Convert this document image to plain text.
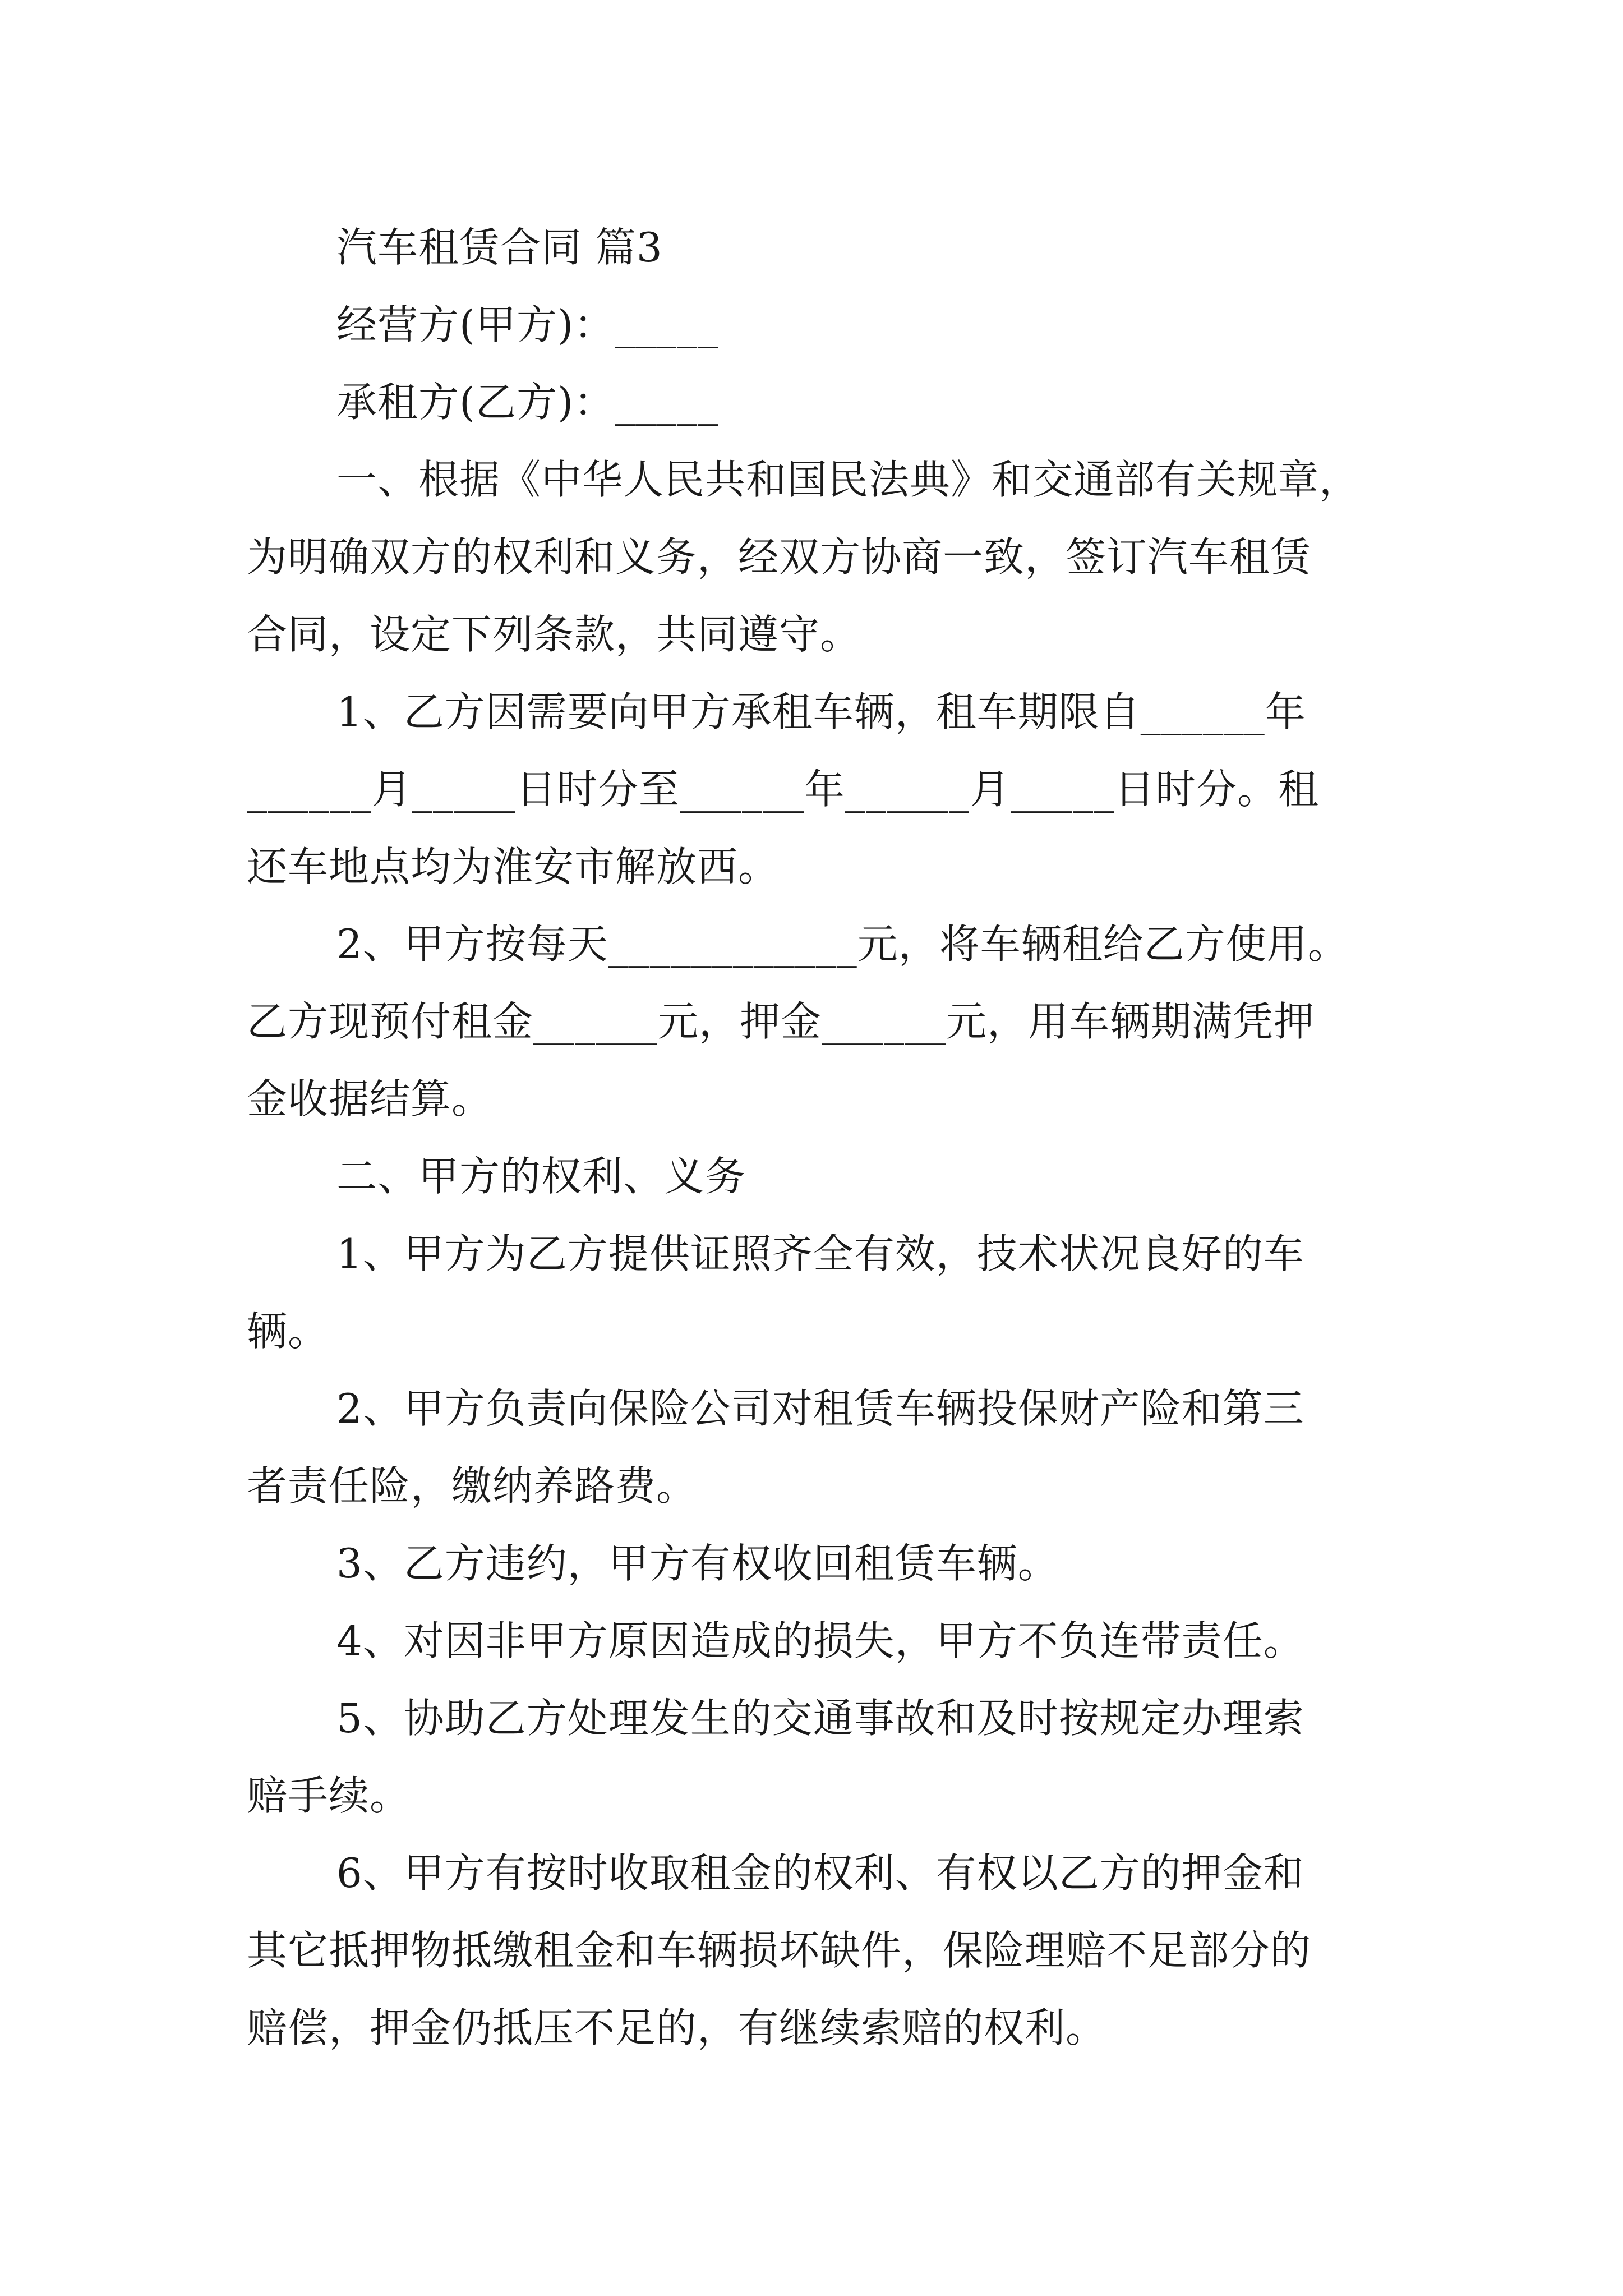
汽车租赁合同 篇3
经营方(甲方)：_____
承租方(乙方)：_____
一、根据《中华人民共和国民法典》和交通部有关规章，
为明确双方的权利和义务，经双方协商一致，签订汽车租赁
合同，设定下列条款，共同遵守。
1、乙方因需要向甲方承租车辆，租车期限自______年
______月_____日时分至______年______月_____日时分。租
还车地点均为淮安市解放西。
2、甲方按每天____________元，将车辆租给乙方使用。
乙方现预付租金______元，押金______元，用车辆期满凭押
金收据结算。
二、甲方的权利、义务
1、甲方为乙方提供证照齐全有效，技术状况良好的车
辆。
2、甲方负责向保险公司对租赁车辆投保财产险和第三
者责任险，缴纳养路费。
3、乙方违约，甲方有权收回租赁车辆。
4、对因非甲方原因造成的损失，甲方不负连带责任。
5、协助乙方处理发生的交通事故和及时按规定办理索
赔手续。
6、甲方有按时收取租金的权利、有权以乙方的押金和
其它抵押物抵缴租金和车辆损坏缺件，保险理赔不足部分的
赔偿，押金仍抵压不足的，有继续索赔的权利。
